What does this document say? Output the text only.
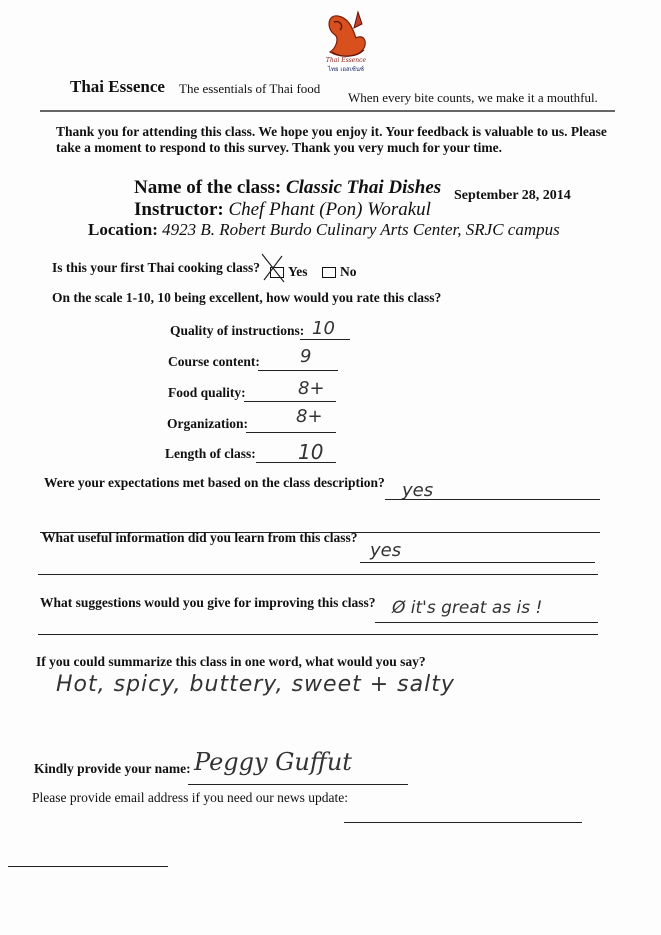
Thai Essence
ไทย เอสเซ้นซ์
Thai Essence The essentials of Thai food
When every bite counts, we make it a mouthful.
Thank you for attending this class. We hope you enjoy it. Your feedback is valuable to us. Please take a moment to respond to this survey. Thank you very much for your time.
Name of the class: Classic Thai Dishes September 28, 2014
Instructor: Chef Phant (Pon) Worakul
Location: 4923 B. Robert Burdo Culinary Arts Center, SRJC campus
Is this your first Thai cooking class?	Yes	No
On the scale 1-10, 10 being excellent, how would you rate this class?
Quality of instructions: 10
Course content: 9
Food quality:	8+
Organization:	8+
Length of class: 10
Were your expectations met based on the class description? yes
What useful information did you learn from this class?
yes
What suggestions would you give for improving this class? Ø it's great as is !
If you could summarize this class in one word, what would you say?
Hot, spicy, buttery, sweet + salty
Kindly provide your name: Peggy Guffut
Please provide email address if you need our news update:
